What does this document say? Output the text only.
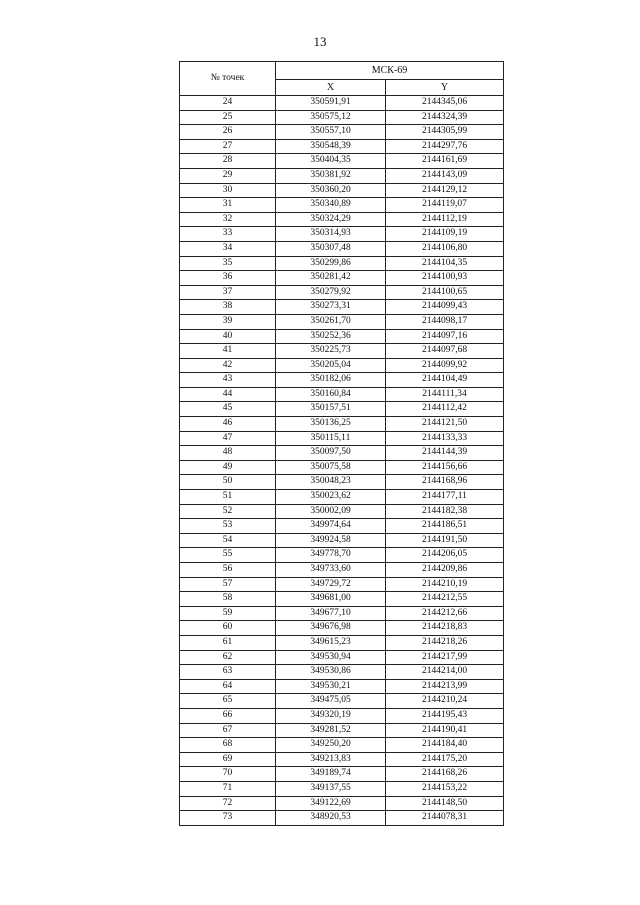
13
№ точек	МСК-69	
	X	Y
24	350591,91	2144345,06
25	350575,12	2144324,39
26	350557,10	2144305,99
27	350548,39	2144297,76
28	350404,35	2144161,69
29	350381,92	2144143,09
30	350360,20	2144129,12
31	350340,89	2144119,07
32	350324,29	2144112,19
33	350314,93	2144109,19
34	350307,48	2144106,80
35	350299,86	2144104,35
36	350281,42	2144100,93
37	350279,92	2144100,65
38	350273,31	2144099,43
39	350261,70	2144098,17
40	350252,36	2144097,16
41	350225,73	2144097,68
42	350205,04	2144099,92
43	350182,06	2144104,49
44	350160,84	2144111,34
45	350157,51	2144112,42
46	350136,25	2144121,50
47	350115,11	2144133,33
48	350097,50	2144144,39
49	350075,58	2144156,66
50	350048,23	2144168,96
51	350023,62	2144177,11
52	350002,09	2144182,38
53	349974,64	2144186,51
54	349924,58	2144191,50
55	349778,70	2144206,05
56	349733,60	2144209,86
57	349729,72	2144210,19
58	349681,00	2144212,55
59	349677,10	2144212,66
60	349676,98	2144218,83
61	349615,23	2144218,26
62	349530,94	2144217,99
63	349530,86	2144214,00
64	349530,21	2144213,99
65	349475,05	2144210,24
66	349320,19	2144195,43
67	349281,52	2144190,41
68	349250,20	2144184,40
69	349213,83	2144175,20
70	349189,74	2144168,26
71	349137,55	2144153,22
72	349122,69	2144148,50
73	348920,53	2144078,31
